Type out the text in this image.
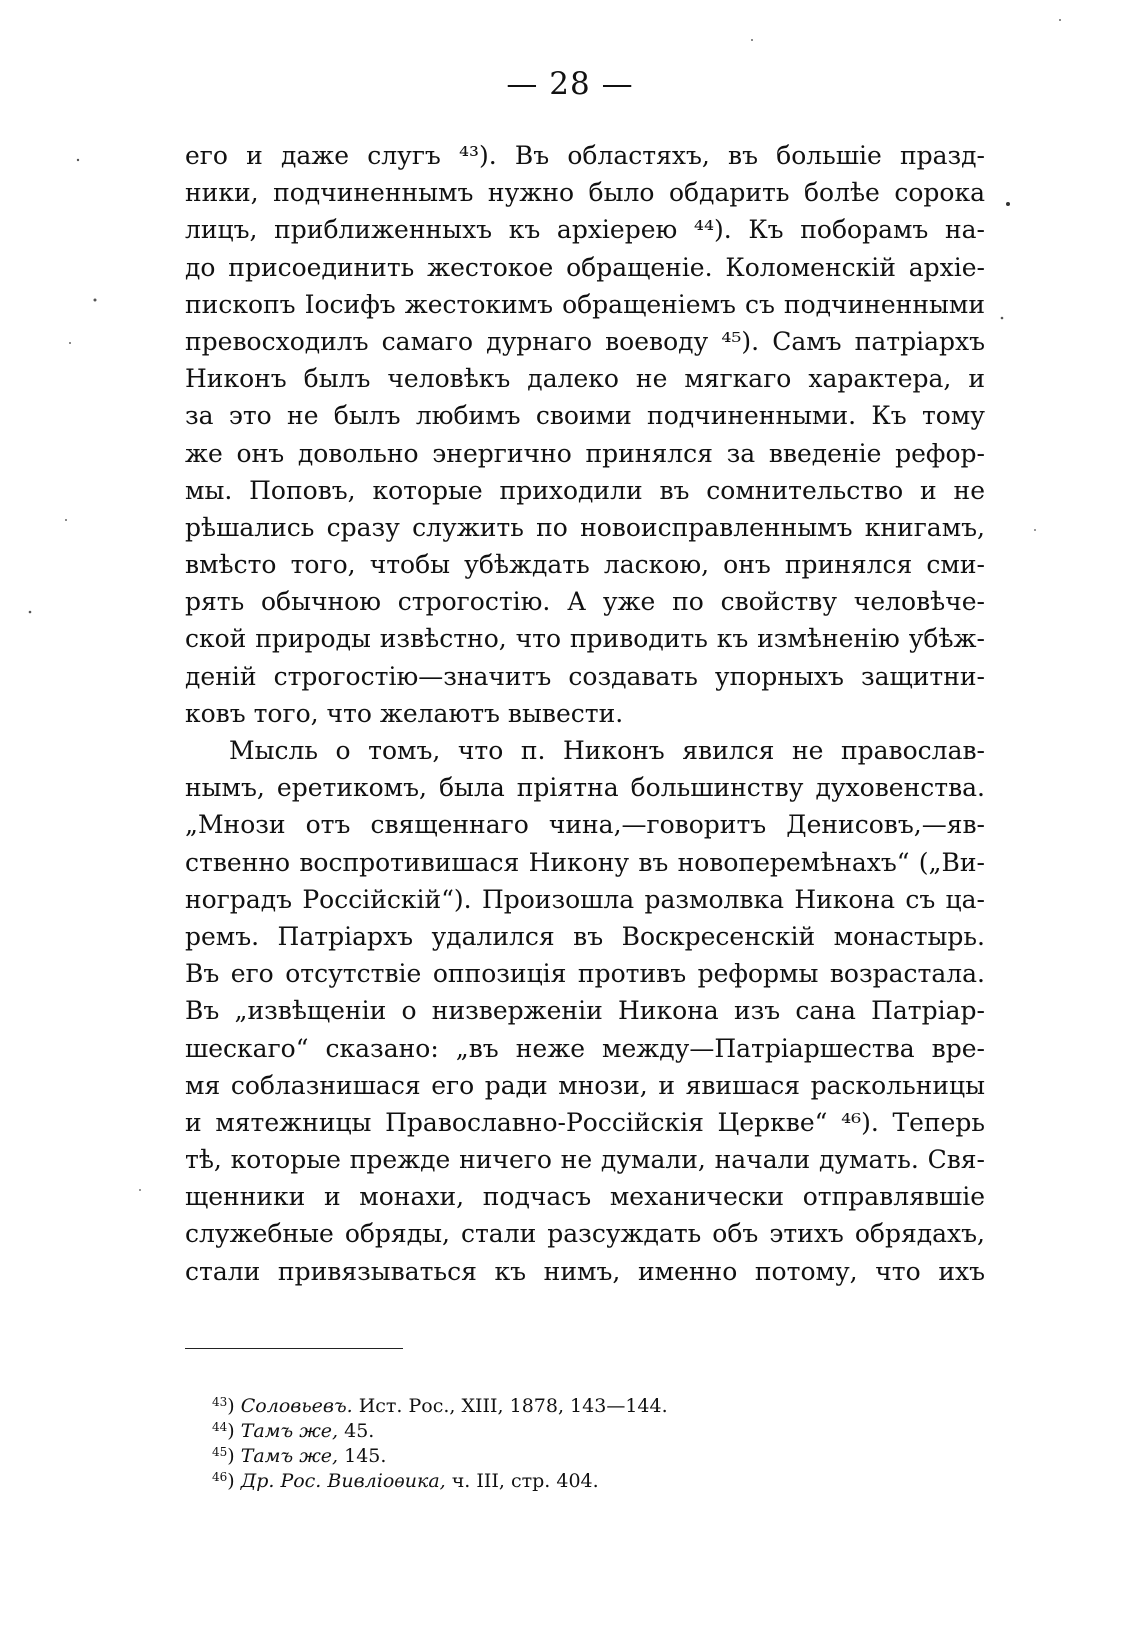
— 28 —
его и даже слугъ ⁴³). Въ областяхъ, въ большіе празд-
ники, подчиненнымъ нужно было обдарить болѣе сорока
лицъ, приближенныхъ къ архіерею ⁴⁴). Къ поборамъ на-
до присоединить жестокое обращеніе. Коломенскій архіе-
пископъ Іосифъ жестокимъ обращеніемъ съ подчиненными
превосходилъ самаго дурнаго воеводу ⁴⁵). Самъ патріархъ
Никонъ былъ человѣкъ далеко не мягкаго характера, и
за это не былъ любимъ своими подчиненными. Къ тому
же онъ довольно энергично принялся за введеніе рефор-
мы. Поповъ, которые приходили въ сомнительство и не
рѣшались сразу служить по новоисправленнымъ книгамъ,
вмѣсто того, чтобы убѣждать ласкою, онъ принялся сми-
рять обычною строгостію. А уже по свойству человѣче-
ской природы извѣстно, что приводить къ измѣненію убѣж-
деній строгостію—значитъ создавать упорныхъ защитни-
ковъ того, что желаютъ вывести.
Мысль о томъ, что п. Никонъ явился не православ-
нымъ, еретикомъ, была пріятна большинству духовенства.
„Мнози отъ священнаго чина,—говоритъ Денисовъ,—яв-
ственно воспротивишася Никону въ новоперемѣнахъ“ („Ви-
ноградъ Россійскій“). Произошла размолвка Никона съ ца-
ремъ. Патріархъ удалился въ Воскресенскій монастырь.
Въ его отсутствіе оппозиція противъ реформы возрастала.
Въ „извѣщеніи о низверженіи Никона изъ сана Патріар-
шескаго“ сказано: „въ неже между—Патріаршества вре-
мя соблазнишася его ради мнози, и явишася раскольницы
и мятежницы Православно-Россійскія Церкве“ ⁴⁶). Теперь
тѣ, которые прежде ничего не думали, начали думать. Свя-
щенники и монахи, подчасъ механически отправлявшіе
служебные обряды, стали разсуждать объ этихъ обрядахъ,
стали привязываться къ нимъ, именно потому, что ихъ
$^{43}$) Соловьевъ. Ист. Рос., XIII, 1878, 143—144.
$^{44}$) Тамъ же, 45.
$^{45}$) Тамъ же, 145.
$^{46}$) Др. Рос. Вивліоѳика, ч. III, стр. 404.
